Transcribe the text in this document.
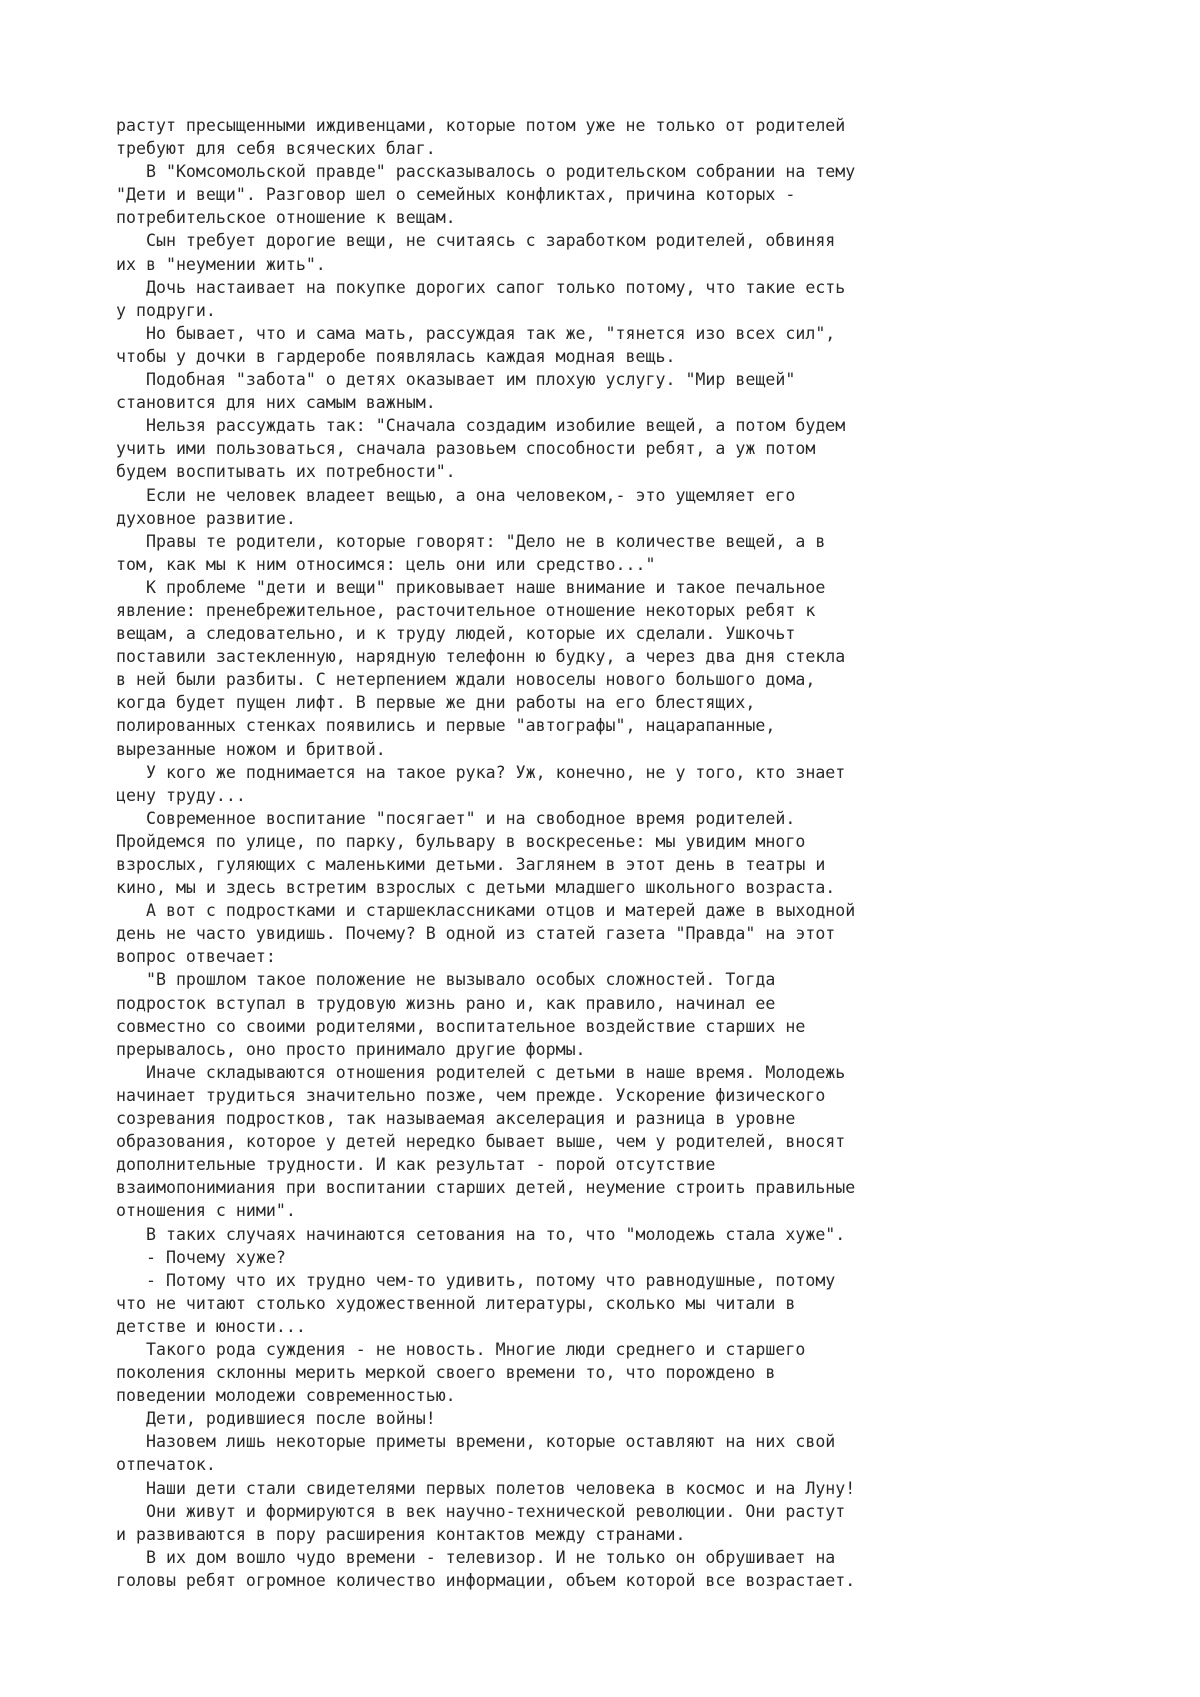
растут пресыщенными иждивенцами, которые потом уже не только от родителей
требуют для себя всяческих благ.
В "Комсомольской правде" рассказывалось о родительском собрании на тему
"Дети и вещи". Разговор шел о семейных конфликтах, причина которых -
потребительское отношение к вещам.
Сын требует дорогие вещи, не считаясь с заработком родителей, обвиняя
их в "неумении жить".
Дочь настаивает на покупке дорогих сапог только потому, что такие есть
у подруги.
Но бывает, что и сама мать, рассуждая так же, "тянется изо всех сил",
чтобы у дочки в гардеробе появлялась каждая модная вещь.
Подобная "забота" о детях оказывает им плохую услугу. "Мир вещей"
становится для них самым важным.
Нельзя рассуждать так: "Сначала создадим изобилие вещей, а потом будем
учить ими пользоваться, сначала разовьем способности ребят, а уж потом
будем воспитывать их потребности".
Если не человек владеет вещью, а она человеком,- это ущемляет его
духовное развитие.
Правы те родители, которые говорят: "Дело не в количестве вещей, а в
том, как мы к ним относимся: цель они или средство..."
К проблеме "дети и вещи" приковывает наше внимание и такое печальное
явление: пренебрежительное, расточительное отношение некоторых ребят к
вещам, а следовательно, и к труду людей, которые их сделали. Ушкочьт
поставили застекленную, нарядную телефонн ю будку, а через два дня стекла
в ней были разбиты. С нетерпением ждали новоселы нового большого дома,
когда будет пущен лифт. В первые же дни работы на его блестящих,
полированных стенках появились и первые "автографы", нацарапанные,
вырезанные ножом и бритвой.
У кого же поднимается на такое рука? Уж, конечно, не у того, кто знает
цену труду...
Современное воспитание "посягает" и на свободное время родителей.
Пройдемся по улице, по парку, бульвару в воскресенье: мы увидим много
взрослых, гуляющих с маленькими детьми. Заглянем в этот день в театры и
кино, мы и здесь встретим взрослых с детьми младшего школьного возраста.
А вот с подростками и старшеклассниками отцов и матерей даже в выходной
день не часто увидишь. Почему? В одной из статей газета "Правда" на этот
вопрос отвечает:
"В прошлом такое положение не вызывало особых сложностей. Тогда
подросток вступал в трудовую жизнь рано и, как правило, начинал ее
совместно со своими родителями, воспитательное воздействие старших не
прерывалось, оно просто принимало другие формы.
Иначе складываются отношения родителей с детьми в наше время. Молодежь
начинает трудиться значительно позже, чем прежде. Ускорение физического
созревания подростков, так называемая акселерация и разница в уровне
образования, которое у детей нередко бывает выше, чем у родителей, вносят
дополнительные трудности. И как результат - порой отсутствие
взаимопонимиания при воспитании старших детей, неумение строить правильные
отношения с ними".
В таких случаях начинаются сетования на то, что "молодежь стала хуже".
- Почему хуже?
- Потому что их трудно чем-то удивить, потому что равнодушные, потому
что не читают столько художественной литературы, сколько мы читали в
детстве и юности...
Такого рода суждения - не новость. Многие люди среднего и старшего
поколения склонны мерить меркой своего времени то, что порождено в
поведении молодежи современностью.
Дети, родившиеся после войны!
Назовем лишь некоторые приметы времени, которые оставляют на них свой
отпечаток.
Наши дети стали свидетелями первых полетов человека в космос и на Луну!
Они живут и формируются в век научно-технической революции. Они растут
и развиваются в пору расширения контактов между странами.
В их дом вошло чудо времени - телевизор. И не только он обрушивает на
головы ребят огромное количество информации, объем которой все возрастает.
